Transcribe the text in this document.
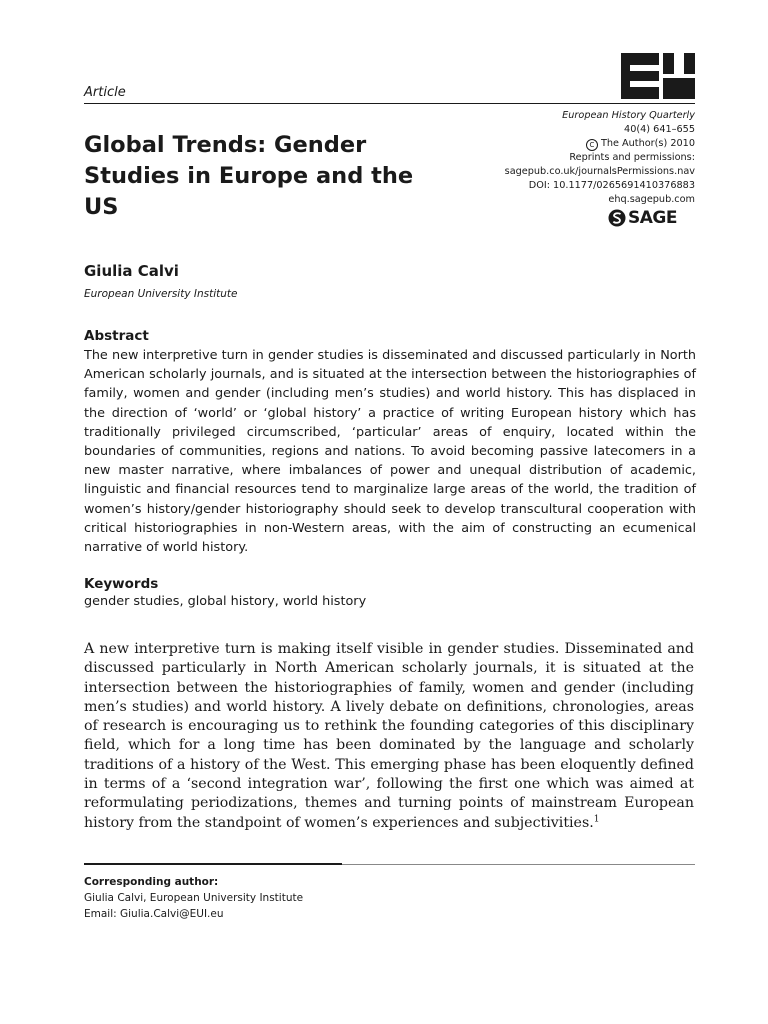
Article
European History Quarterly
40(4) 641–655
C The Author(s) 2010
Reprints and permissions:
sagepub.co.uk/journalsPermissions.nav
DOI: 10.1177/0265691410376883
ehq.sagepub.com
SAGE
Global Trends: Gender Studies in Europe and the US
Giulia Calvi
European University Institute
Abstract

The new interpretive turn in gender studies is disseminated and discussed particularly in North American scholarly journals, and is situated at the intersection between the historiographies of family, women and gender (including men’s studies) and world history. This has displaced in the direction of ‘world’ or ‘global history’ a practice of writing European history which has traditionally privileged circumscribed, ‘particular’ areas of enquiry, located within the boundaries of communities, regions and nations. To avoid becoming passive latecomers in a new master narrative, where imbalances of power and unequal distribution of academic, linguistic and financial resources tend to marginalize large areas of the world, the tradition of women’s history/gender historiography should seek to develop transcultural cooperation with critical historiographies in non-Western areas, with the aim of constructing an ecumenical narrative of world history.

Keywords
gender studies, global history, world history

A new interpretive turn is making itself visible in gender studies. Disseminated and discussed particularly in North American scholarly journals, it is situated at the intersection between the historiographies of family, women and gender (including men’s studies) and world history. A lively debate on definitions, chronologies, areas of research is encouraging us to rethink the founding categories of this disciplinary field, which for a long time has been dominated by the language and scholarly traditions of a history of the West. This emerging phase has been eloquently defined in terms of a ‘second integration war’, following the first one which was aimed at reformulating periodizations, themes and turning points of mainstream European history from the standpoint of women’s experiences and subjectivities.$^1$

Corresponding author:
Giulia Calvi, European University Institute
Email: Giulia.Calvi@EUI.eu
